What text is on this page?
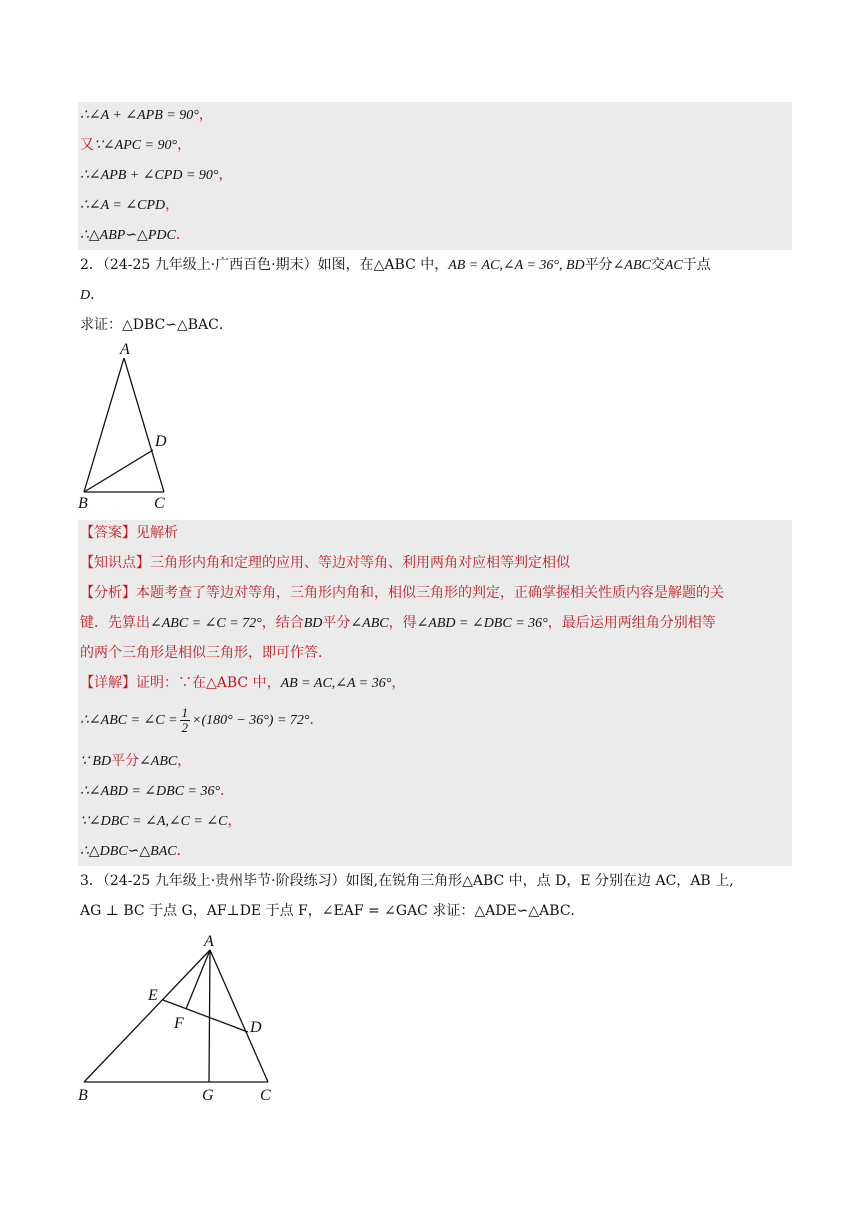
∴∠A + ∠APB = 90°，
又∵∠APC = 90°，
∴∠APB + ∠CPD = 90°，
∴∠A = ∠CPD，
∴△ABP∽△PDC．
2．（24-25 九年级上·广西百色·期末）如图，在△ABC 中，AB = AC,∠A = 36°, BD平分∠ABC交AC于点
D．
求证：△DBC∽△BAC．
A
B	C
D
【答案】见解析
【知识点】三角形内角和定理的应用、等边对等角、利用两角对应相等判定相似
【分析】本题考查了等边对等角，三角形内角和，相似三角形的判定，正确掌握相关性质内容是解题的关
键．先算出∠ABC = ∠C = 72°，结合BD平分∠ABC，得∠ABD = ∠DBC = 36°，最后运用两组角分别相等
的两个三角形是相似三角形，即可作答．
【详解】证明：∵在△ABC 中，AB = AC,∠A = 36°，
∴∠ABC = ∠C = $\frac{1}{2} \times(180^\circ - 36^\circ) = 72^\circ$．
∵ BD平分∠ABC，
∴∠ABD = ∠DBC = 36°．
∵∠DBC = ∠A,∠C = ∠C，
∴△DBC∽△BAC．
3．（24-25 九年级上·贵州毕节·阶段练习）如图,在锐角三角形△ABC 中，点 D，E 分别在边 AC，AB 上,
AG ⊥ BC 于点 G，AF⊥DE 于点 F，∠EAF = ∠GAC 求证：△ADE∽△ABC．
A
E
F	D
B	G	C
